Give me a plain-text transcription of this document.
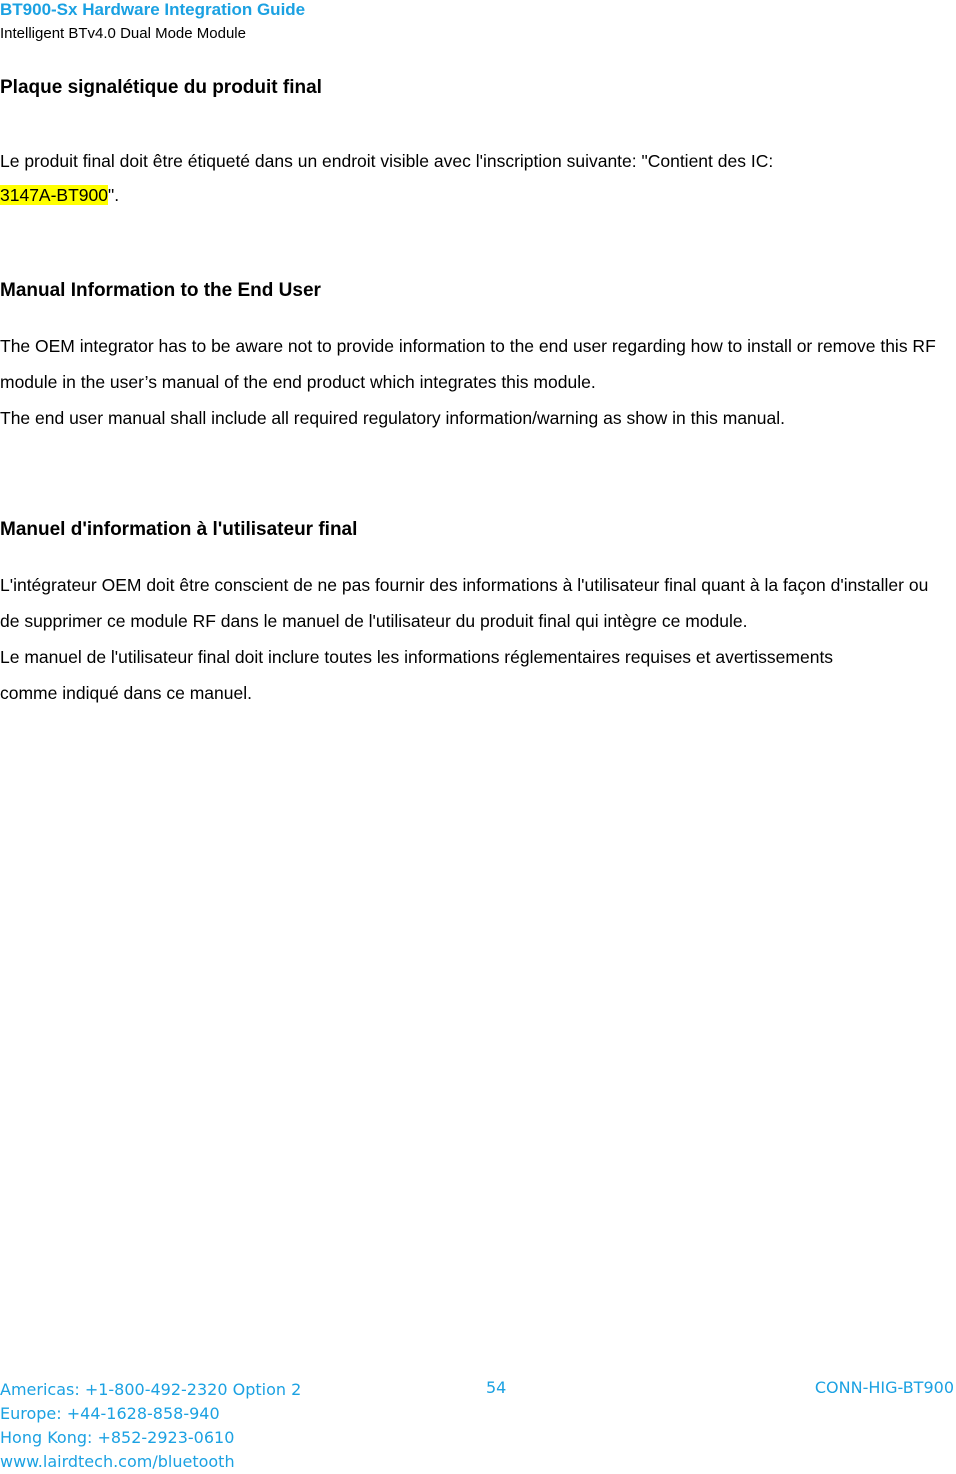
BT900-Sx Hardware Integration Guide
Intelligent BTv4.0 Dual Mode Module
Plaque signalétique du produit final

Le produit final doit être étiqueté dans un endroit visible avec l'inscription suivante: "Contient des IC:
3147A-BT900".

Manual Information to the End User

The OEM integrator has to be aware not to provide information to the end user regarding how to install or remove this RF module in the user’s manual of the end product which integrates this module.

The end user manual shall include all required regulatory information/warning as show in this manual.

Manuel d'information à l'utilisateur final

L'intégrateur OEM doit être conscient de ne pas fournir des informations à l'utilisateur final quant à la façon d'installer ou de supprimer ce module RF dans le manuel de l'utilisateur du produit final qui intègre ce module.

Le manuel de l'utilisateur final doit inclure toutes les informations réglementaires requises et avertissements comme indiqué dans ce manuel.

Americas: +1-800-492-2320 Option 2
Europe: +44-1628-858-940
Hong Kong: +852-2923-0610
www.lairdtech.com/bluetooth
54	CONN-HIG-BT900
